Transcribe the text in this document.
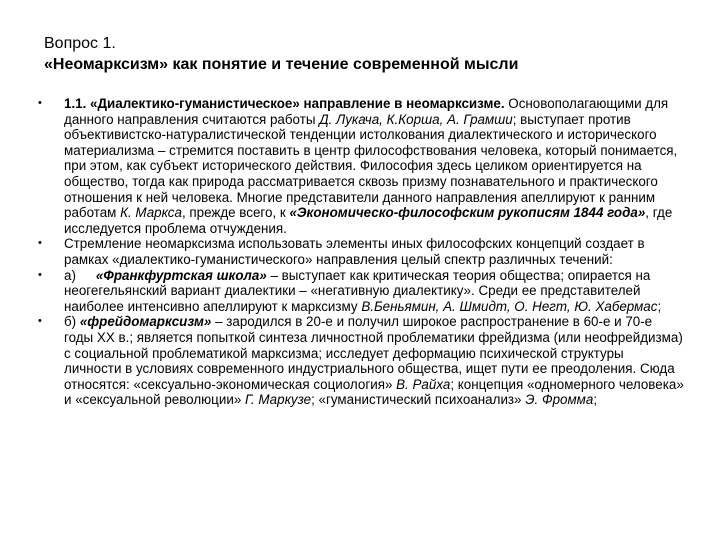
Вопрос 1.
«Неомарксизм» как понятие и течение современной мысли
• 1.1. «Диалектико-гуманистическое» направление в неомарксизме. Основополагающими для данного направления считаются работы Д. Лукача, К.Корша, А. Грамши; выступает против объективистско-натуралистической тенденции истолкования диалектического и исторического материализма – стремится поставить в центр философствования человека, который понимается, при этом, как субъект исторического действия. Философия здесь целиком ориентируется на общество, тогда как природа рассматривается сквозь призму познавательного и практического отношения к ней человека. Многие представители данного направления апеллируют к ранним работам К. Маркса, прежде всего, к «Экономическо-философским рукописям 1844 года», где исследуется проблема отчуждения.
• Стремление неомарксизма использовать элементы иных философских концепций создает в рамках «диалектико-гуманистического» направления целый спектр различных течений:
• а) «Франкфуртская школа» – выступает как критическая теория общества; опирается на неогегельянский вариант диалектики – «негативную диалектику». Среди ее представителей наиболее интенсивно апеллируют к марксизму В.Беньямин, А. Шмидт, О. Негт, Ю. Хабермас;
• б) «фрейдомарксизм» – зародился в 20-е и получил широкое распространение в 60-е и 70-е годы XX в.; является попыткой синтеза личностной проблематики фрейдизма (или неофрейдизма) с социальной проблематикой марксизма; исследует деформацию психической структуры личности в условиях современного индустриального общества, ищет пути ее преодоления. Сюда относятся: «сексуально-экономическая социология» В. Райха; концепция «одномерного человека» и «сексуальной революции» Г. Маркузе; «гуманистический психоанализ» Э. Фромма;
